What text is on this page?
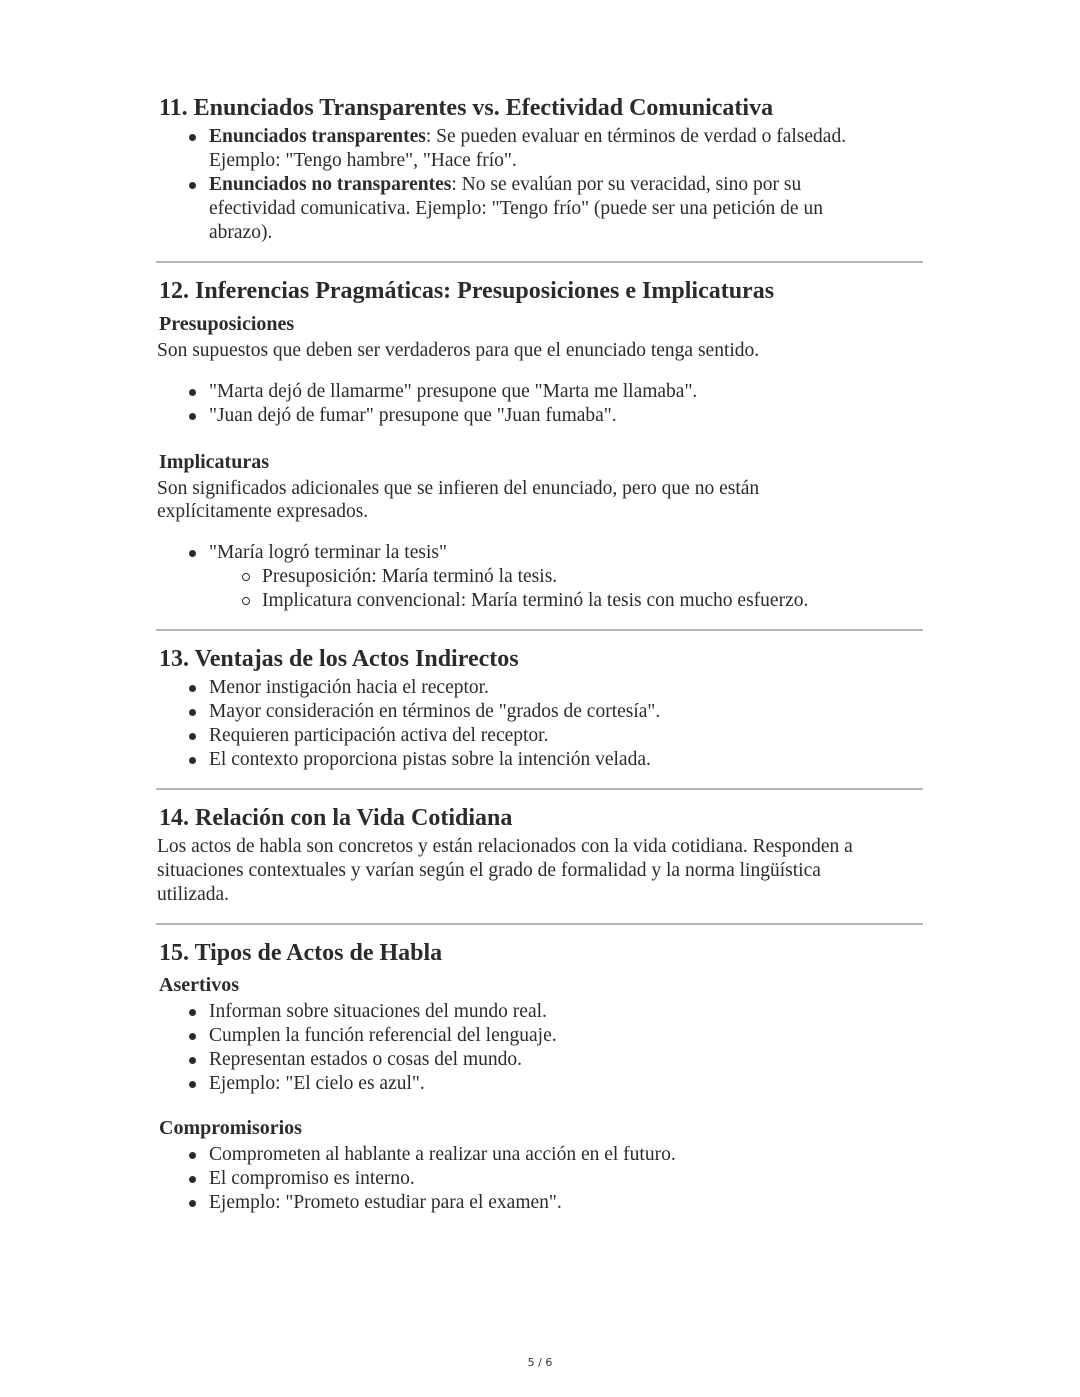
11. Enunciados Transparentes vs. Efectividad Comunicativa
Enunciados transparentes: Se pueden evaluar en términos de verdad o falsedad.
Ejemplo: "Tengo hambre", "Hace frío".
Enunciados no transparentes: No se evalúan por su veracidad, sino por su
efectividad comunicativa. Ejemplo: "Tengo frío" (puede ser una petición de un
abrazo).
12. Inferencias Pragmáticas: Presuposiciones e Implicaturas
Presuposiciones
Son supuestos que deben ser verdaderos para que el enunciado tenga sentido.
"Marta dejó de llamarme" presupone que "Marta me llamaba".
"Juan dejó de fumar" presupone que "Juan fumaba".
Implicaturas
Son significados adicionales que se infieren del enunciado, pero que no están
explícitamente expresados.
"María logró terminar la tesis"
Presuposición: María terminó la tesis.
Implicatura convencional: María terminó la tesis con mucho esfuerzo.
13. Ventajas de los Actos Indirectos
Menor instigación hacia el receptor.
Mayor consideración en términos de "grados de cortesía".
Requieren participación activa del receptor.
El contexto proporciona pistas sobre la intención velada.
14. Relación con la Vida Cotidiana
Los actos de habla son concretos y están relacionados con la vida cotidiana. Responden a
situaciones contextuales y varían según el grado de formalidad y la norma lingüística
utilizada.
15. Tipos de Actos de Habla
Asertivos
Informan sobre situaciones del mundo real.
Cumplen la función referencial del lenguaje.
Representan estados o cosas del mundo.
Ejemplo: "El cielo es azul".
Compromisorios
Comprometen al hablante a realizar una acción en el futuro.
El compromiso es interno.
Ejemplo: "Prometo estudiar para el examen".
5 / 6
